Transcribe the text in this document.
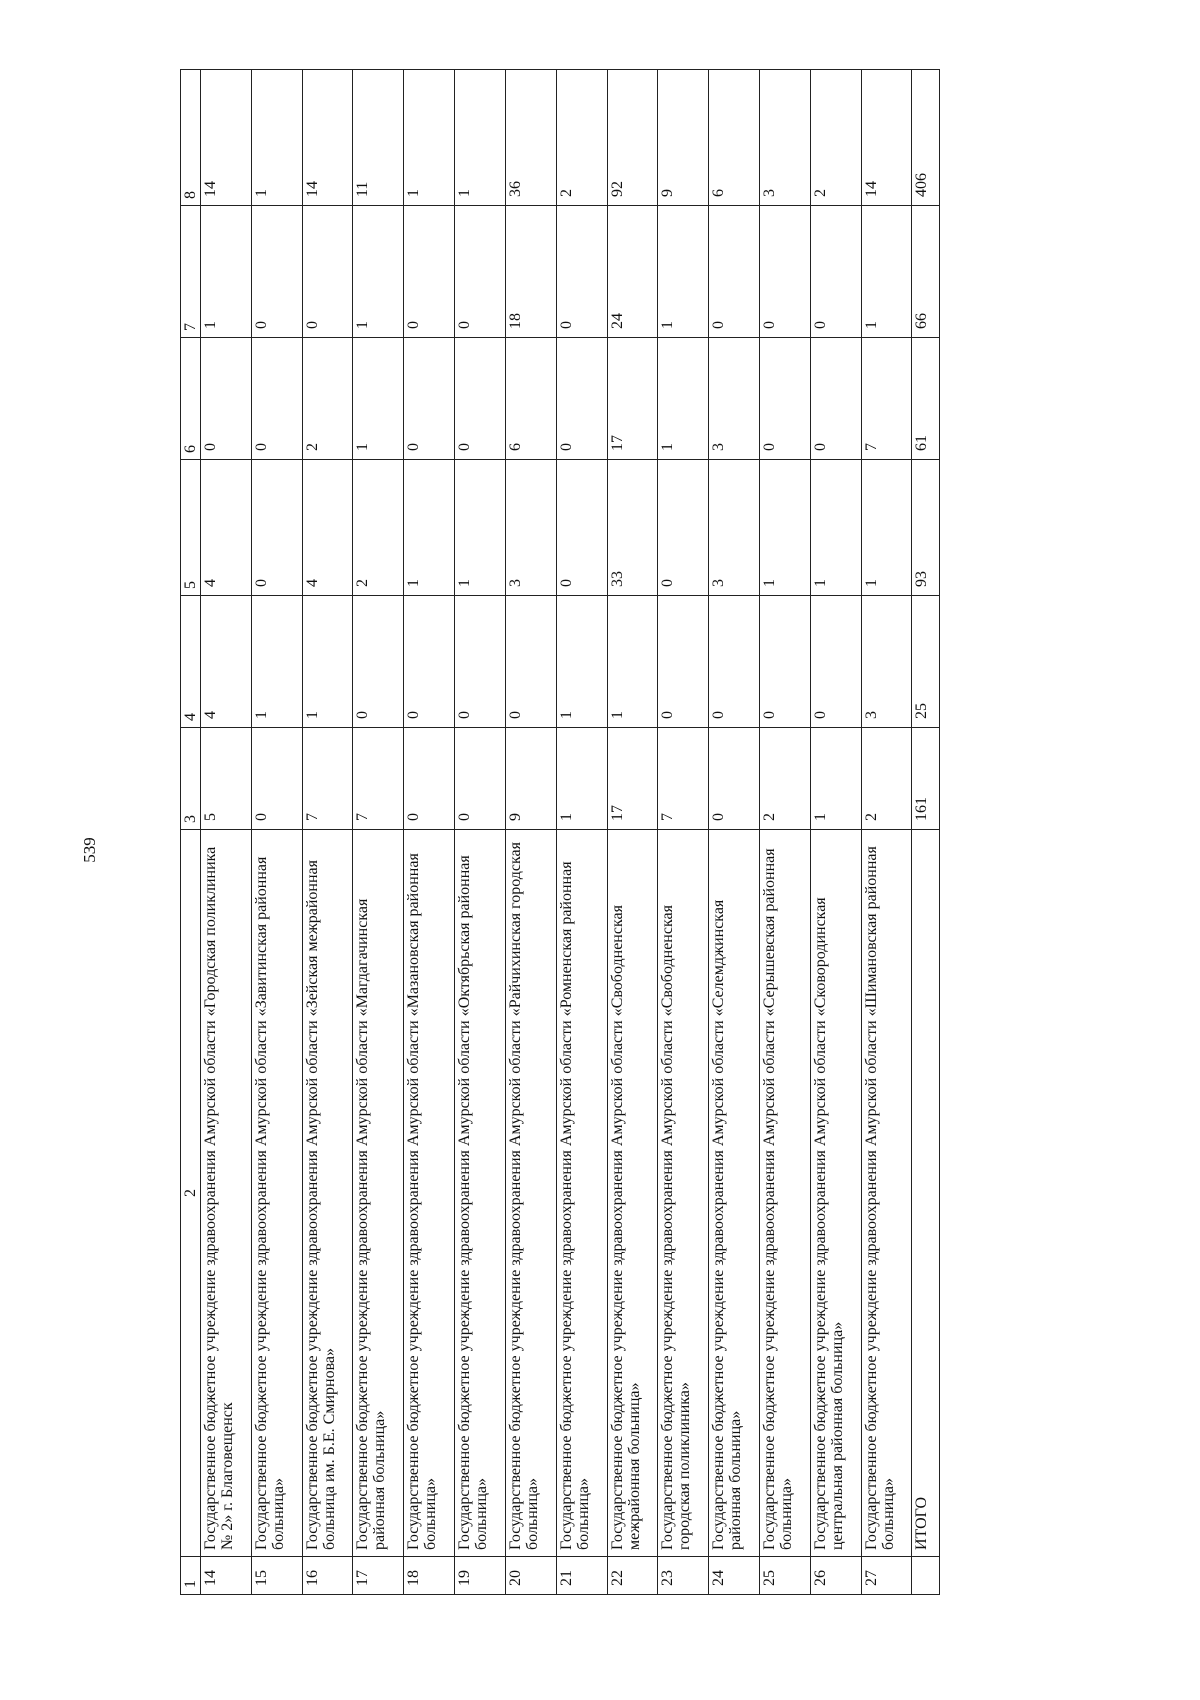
539
1	2	3	4	5	6	7	8
14	Государственное бюджетное учреждение здравоохранения Амурской области «Городская поликлиника № 2» г. Благовещенск	5	4	4	0	1	14
15	Государственное бюджетное учреждение здравоохранения Амурской области «Завитинская районная больница»	0	1	0	0	0	1
16	Государственное бюджетное учреждение здравоохранения Амурской области «Зейская межрайонная больница им. Б.Е. Смирнова»	7	1	4	2	0	14
17	Государственное бюджетное учреждение здравоохранения Амурской области «Магдагачинская районная больница»	7	0	2	1	1	11
18	Государственное бюджетное учреждение здравоохранения Амурской области «Мазановская районная больница»	0	0	1	0	0	1
19	Государственное бюджетное учреждение здравоохранения Амурской области «Октябрьская районная больница»	0	0	1	0	0	1
20	Государственное бюджетное учреждение здравоохранения Амурской области «Райчихинская городская больница»	9	0	3	6	18	36
21	Государственное бюджетное учреждение здравоохранения Амурской области «Ромненская районная больница»	1	1	0	0	0	2
22	Государственное бюджетное учреждение здравоохранения Амурской области «Свободненская межрайонная больница»	17	1	33	17	24	92
23	Государственное бюджетное учреждение здравоохранения Амурской области «Свободненская городская поликлиника»	7	0	0	1	1	9
24	Государственное бюджетное учреждение здравоохранения Амурской области «Селемджинская районная больница»	0	0	3	3	0	6
25	Государственное бюджетное учреждение здравоохранения Амурской области «Серышевская районная больница»	2	0	1	0	0	3
26	Государственное бюджетное учреждение здравоохранения Амурской области «Сковородинская центральная районная больница»	1	0	1	0	0	2
27	Государственное бюджетное учреждение здравоохранения Амурской области «Шимановская районная больница»	2	3	1	7	1	14
	ИТОГО	161	25	93	61	66	406
